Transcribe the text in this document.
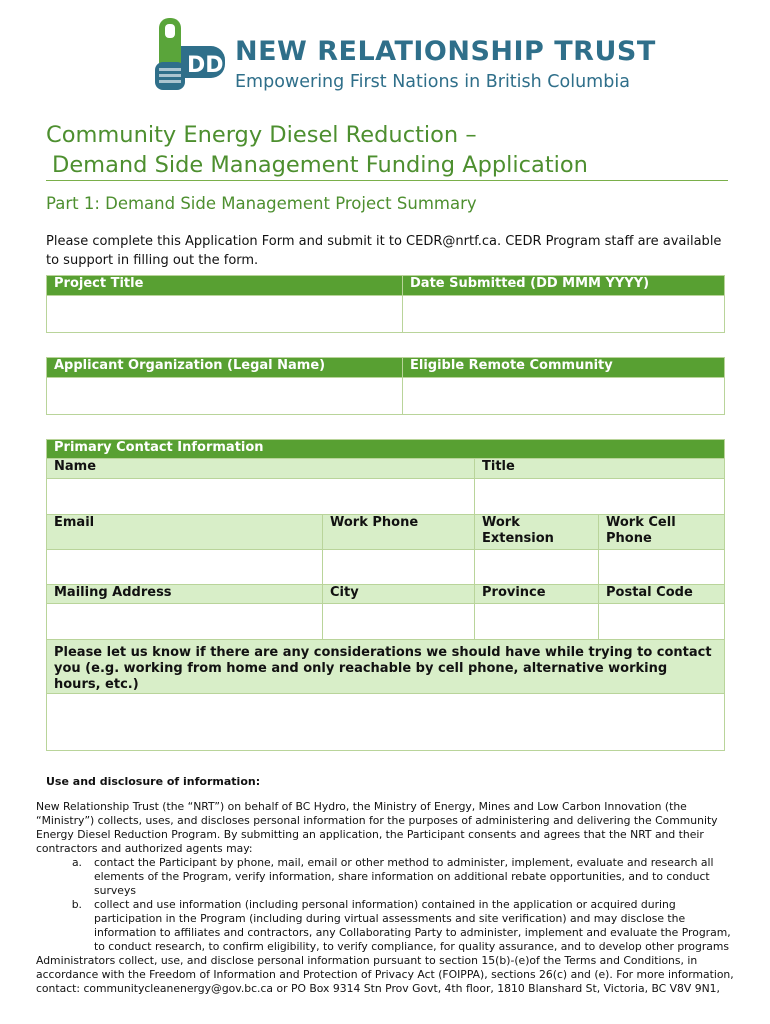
DD NEW RELATIONSHIP TRUST
Empowering First Nations in British Columbia
Community Energy Diesel Reduction –
Demand Side Management Funding Application
Part 1: Demand Side Management Project Summary
Please complete this Application Form and submit it to CEDR@nrtf.ca. CEDR Program staff are available to support in filling out the form.
Project Title	Date Submitted (DD MMM YYYY)

Applicant Organization (Legal Name)	Eligible Remote Community

Primary Contact Information			
Name		Title	

Email	Work Phone	Work Extension	Work Cell Phone

Mailing Address	City	Province	Postal Code

Please let us know if there are any considerations we should have while trying to contact you (e.g. working from home and only reachable by cell phone, alternative working hours, etc.)			

Use and disclosure of information:

New Relationship Trust (the “NRT”) on behalf of BC Hydro, the Ministry of Energy, Mines and Low Carbon Innovation (the “Ministry”) collects, uses, and discloses personal information for the purposes of administering and delivering the Community Energy Diesel Reduction Program. By submitting an application, the Participant consents and agrees that the NRT and their contractors and authorized agents may:

a.	contact the Participant by phone, mail, email or other method to administer, implement, evaluate and research all elements of the Program, verify information, share information on additional rebate opportunities, and to conduct surveys
b.	collect and use information (including personal information) contained in the application or acquired during participation in the Program (including during virtual assessments and site verification) and may disclose the information to affiliates and contractors, any Collaborating Party to administer, implement and evaluate the Program, to conduct research, to confirm eligibility, to verify compliance, for quality assurance, and to develop other programs

Administrators collect, use, and disclose personal information pursuant to section 15(b)-(e)of the Terms and Conditions, in accordance with the Freedom of Information and Protection of Privacy Act (FOIPPA), sections 26(c) and (e). For more information, contact: communitycleanenergy@gov.bc.ca or PO Box 9314 Stn Prov Govt, 4th floor, 1810 Blanshard St, Victoria, BC V8V 9N1,
